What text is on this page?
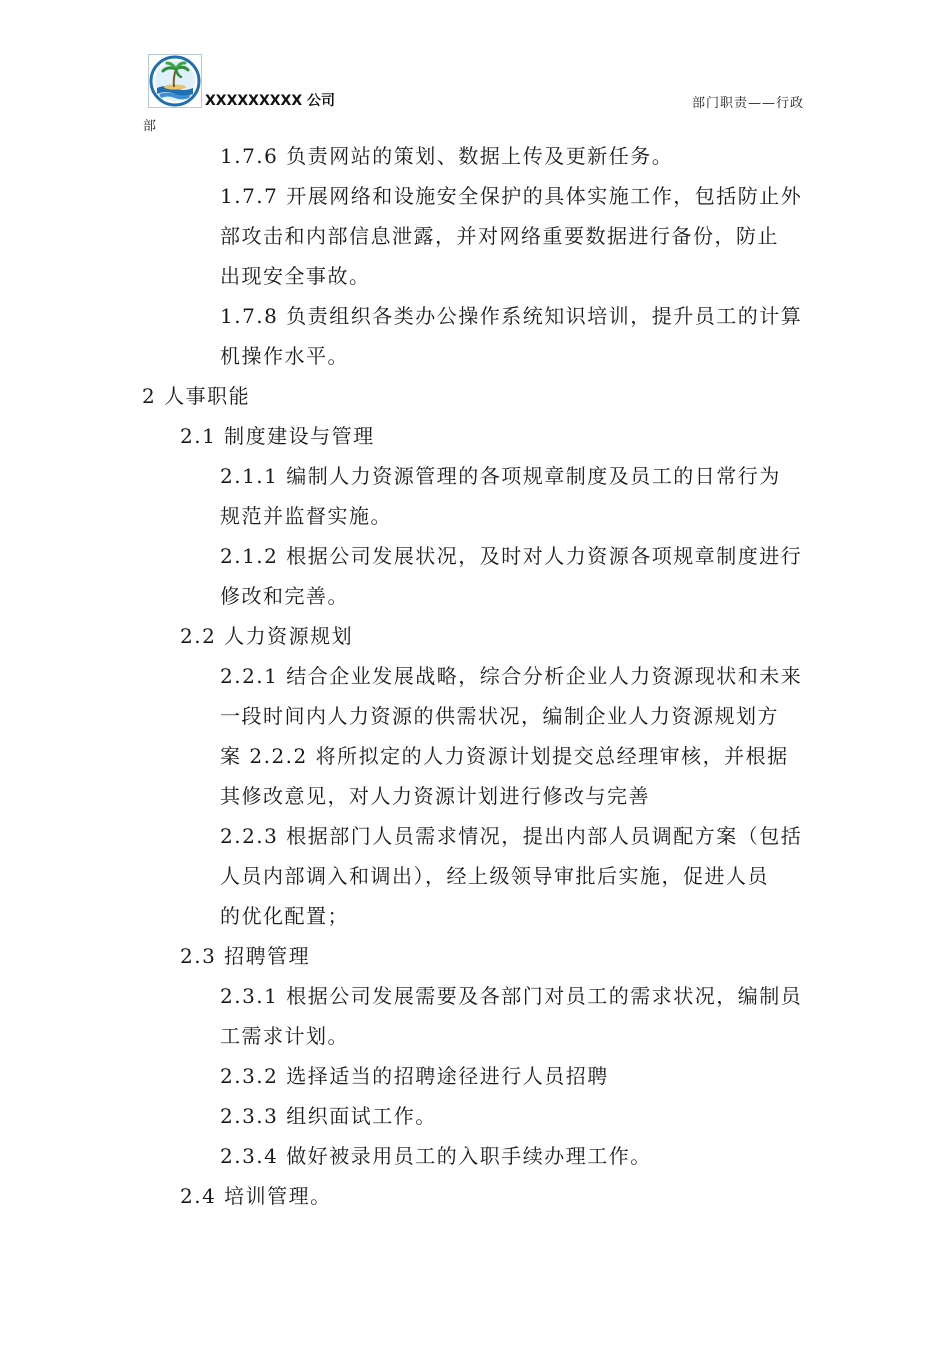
XXXXXXXXX 公司	部门职责——行政
部
1.7.6 负责网站的策划、数据上传及更新任务。
1.7.7 开展网络和设施安全保护的具体实施工作，包括防止外
部攻击和内部信息泄露，并对网络重要数据进行备份，防止
出现安全事故。
1.7.8 负责组织各类办公操作系统知识培训，提升员工的计算
机操作水平。
2 人事职能
2.1 制度建设与管理
2.1.1 编制人力资源管理的各项规章制度及员工的日常行为
规范并监督实施。
2.1.2 根据公司发展状况，及时对人力资源各项规章制度进行
修改和完善。
2.2 人力资源规划
2.2.1 结合企业发展战略，综合分析企业人力资源现状和未来
一段时间内人力资源的供需状况，编制企业人力资源规划方
案 2.2.2 将所拟定的人力资源计划提交总经理审核，并根据
其修改意见，对人力资源计划进行修改与完善
2.2.3 根据部门人员需求情况，提出内部人员调配方案（包括
人员内部调入和调出），经上级领导审批后实施，促进人员
的优化配置；
2.3 招聘管理
2.3.1 根据公司发展需要及各部门对员工的需求状况，编制员
工需求计划。
2.3.2 选择适当的招聘途径进行人员招聘
2.3.3 组织面试工作。
2.3.4 做好被录用员工的入职手续办理工作。
2.4 培训管理。
